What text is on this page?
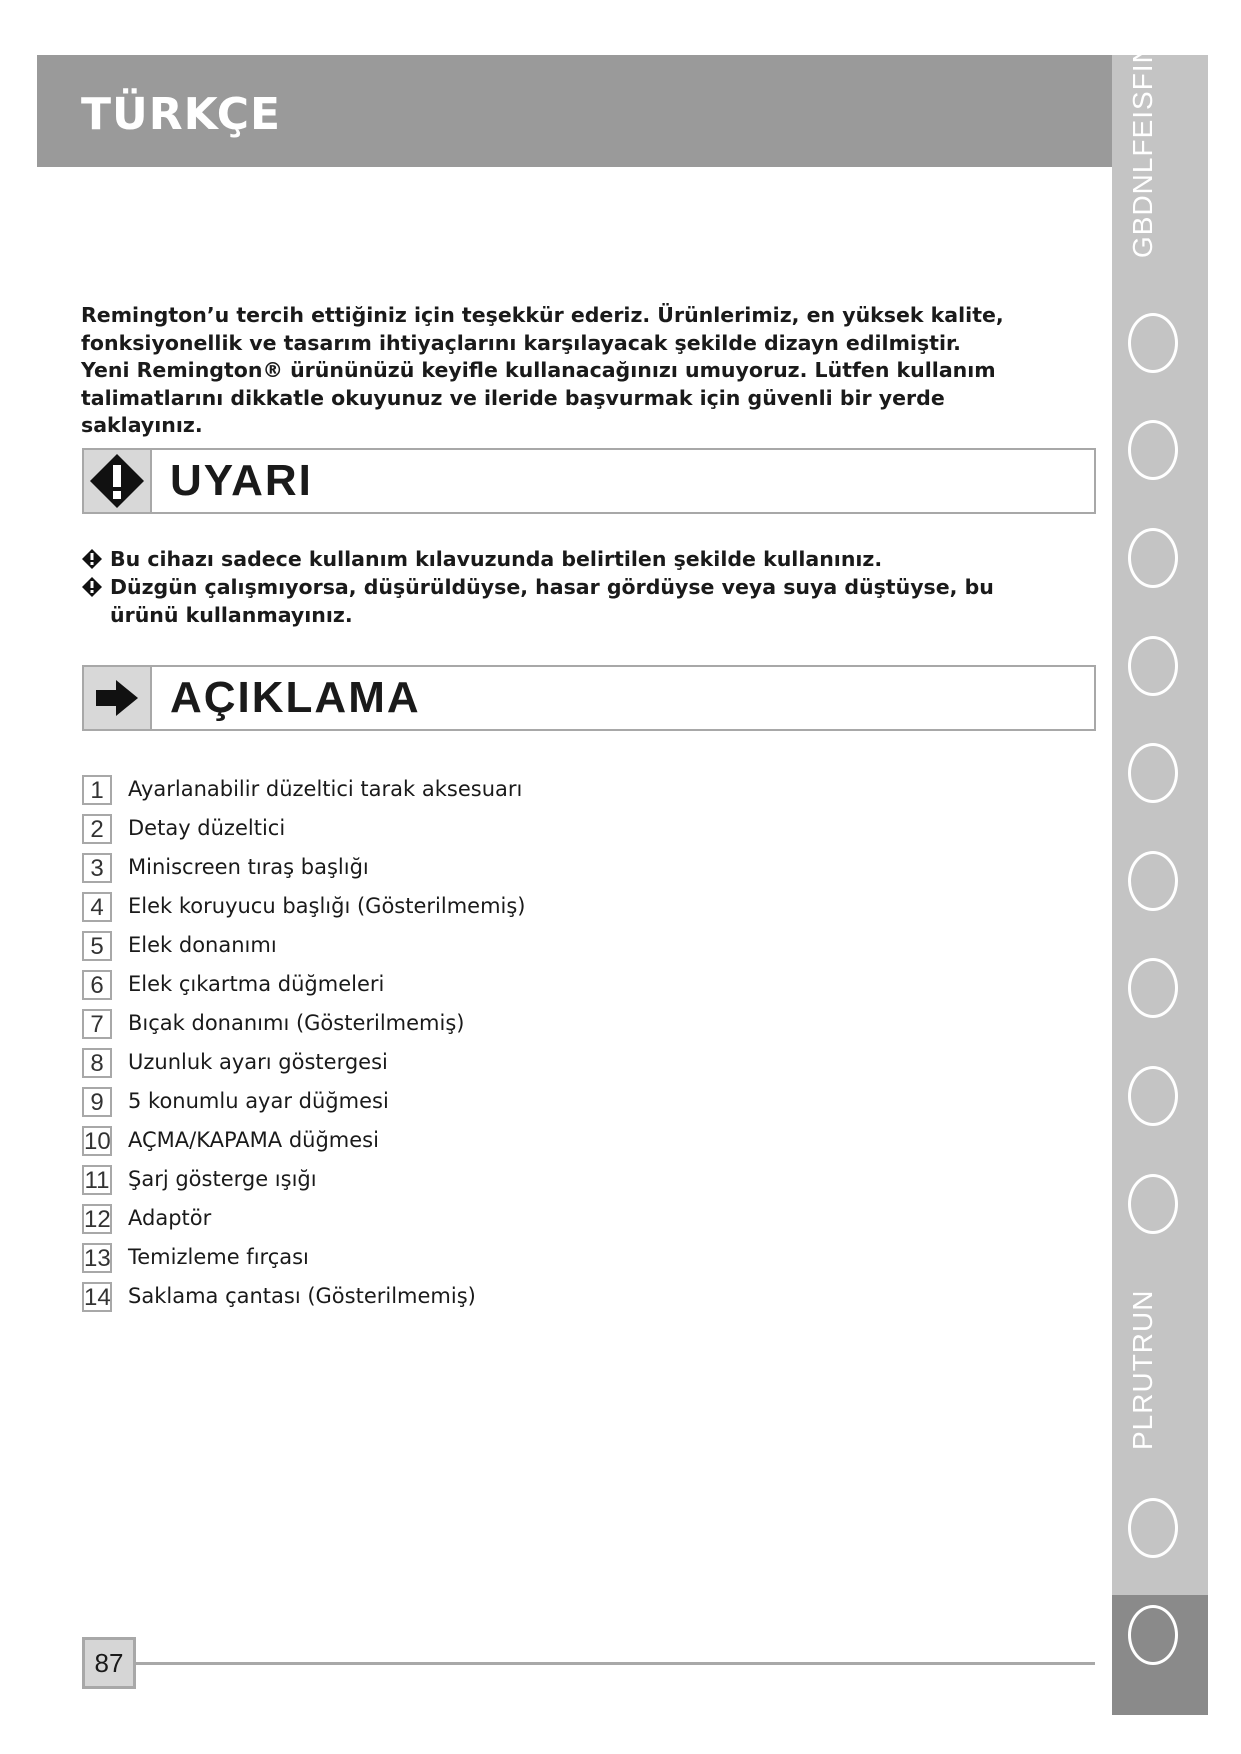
TÜRKÇE	GBDNLFEISFIN
PLRUTRUN

Remington’u tercih ettiğiniz için teşekkür ederiz. Ürünlerimiz, en yüksek kalite,

fonksiyonellik ve tasarım ihtiyaçlarını karşılayacak şekilde dizayn edilmiştir.

Yeni Remington® ürününüzü keyifle kullanacağınızı umuyoruz. Lütfen kullanım

talimatlarını dikkatle okuyunuz ve ileride başvurmak için güvenli bir yerde saklayınız.

UYARI
Bu cihazı sadece kullanım kılavuzunda belirtilen şekilde kullanınız.
Düzgün çalışmıyorsa, düşürüldüyse, hasar gördüyse veya suya düştüyse, bu ürünü kullanmayınız.
AÇIKLAMA
1	Ayarlanabilir düzeltici tarak aksesuarı
2	Detay düzeltici
3	Miniscreen tıraş başlığı
4	Elek koruyucu başlığı (Gösterilmemiş)
5	Elek donanımı
6	Elek çıkartma düğmeleri
7	Bıçak donanımı (Gösterilmemiş)
8	Uzunluk ayarı göstergesi
9	5 konumlu ayar düğmesi
10 AÇMA/KAPAMA düğmesi
11 Şarj gösterge ışığı
12 Adaptör
13 Temizleme fırçası
14 Saklama çantası (Gösterilmemiş)
87
